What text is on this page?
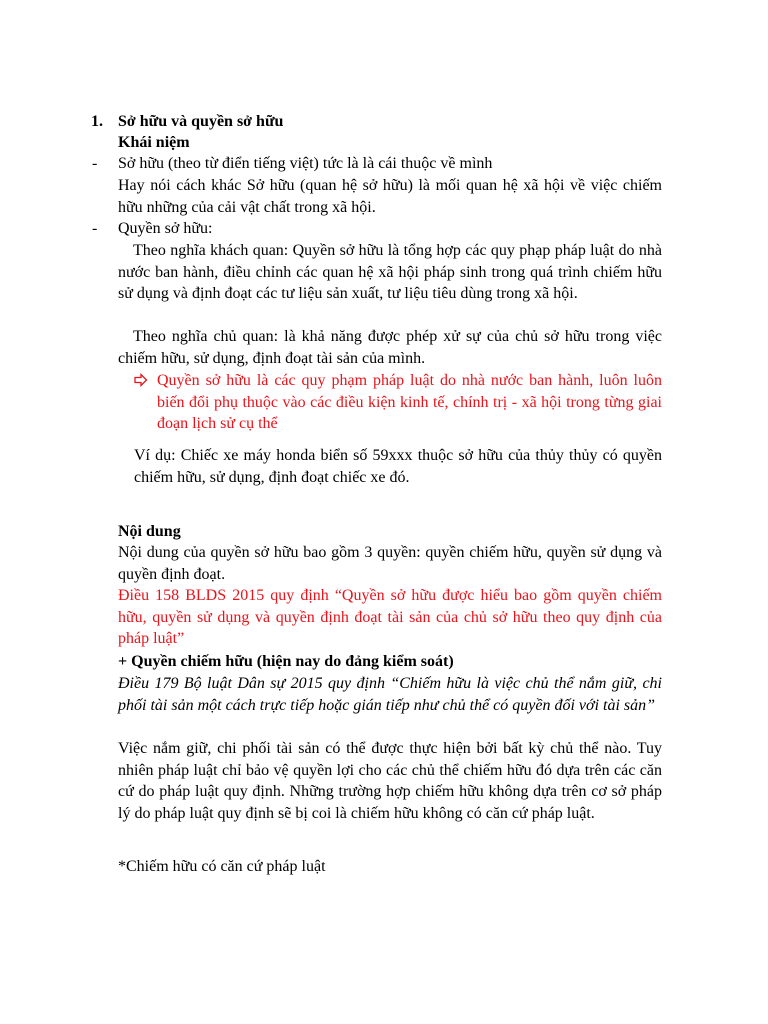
1. Sở hữu và quyền sở hữu
Khái niệm
- Sở hữu (theo từ điển tiếng việt) tức là là cái thuộc về mình
Hay nói cách khác Sở hữu (quan hệ sở hữu) là mối quan hệ xã hội về việc chiếm hữu những của cải vật chất trong xã hội.
- Quyền sở hữu:
Theo nghĩa khách quan: Quyền sở hữu là tổng hợp các quy phạp pháp luật do nhà nước ban hành, điều chỉnh các quan hệ xã hội pháp sinh trong quá trình chiếm hữu sử dụng và định đoạt các tư liệu sản xuất, tư liệu tiêu dùng trong xã hội.
Theo nghĩa chủ quan: là khả năng được phép xử sự của chủ sở hữu trong việc chiếm hữu, sử dụng, định đoạt tài sản của mình.
Quyền sở hữu là các quy phạm pháp luật do nhà nước ban hành, luôn luôn biến đổi phụ thuộc vào các điều kiện kinh tế, chính trị - xã hội trong từng giai đoạn lịch sử cụ thể
Ví dụ: Chiếc xe máy honda biển số 59xxx thuộc sở hữu của thủy thủy có quyền chiếm hữu, sử dụng, định đoạt chiếc xe đó.
Nội dung
Nội dung của quyền sở hữu bao gồm 3 quyền: quyền chiếm hữu, quyền sử dụng và quyền định đoạt.
Điều 158 BLDS 2015 quy định “Quyền sở hữu được hiểu bao gồm quyền chiếm hữu, quyền sử dụng và quyền định đoạt tài sản của chủ sở hữu theo quy định của pháp luật”
+ Quyền chiếm hữu (hiện nay do đảng kiểm soát)
Điều 179 Bộ luật Dân sự 2015 quy định “Chiếm hữu là việc chủ thể nắm giữ, chi phối tài sản một cách trực tiếp hoặc gián tiếp như chủ thể có quyền đối với tài sản”
Việc nắm giữ, chi phối tài sản có thể được thực hiện bởi bất kỳ chủ thể nào. Tuy nhiên pháp luật chỉ bảo vệ quyền lợi cho các chủ thể chiếm hữu đó dựa trên các căn cứ do pháp luật quy định. Những trường hợp chiếm hữu không dựa trên cơ sở pháp lý do pháp luật quy định sẽ bị coi là chiếm hữu không có căn cứ pháp luật.
*Chiếm hữu có căn cứ pháp luật
